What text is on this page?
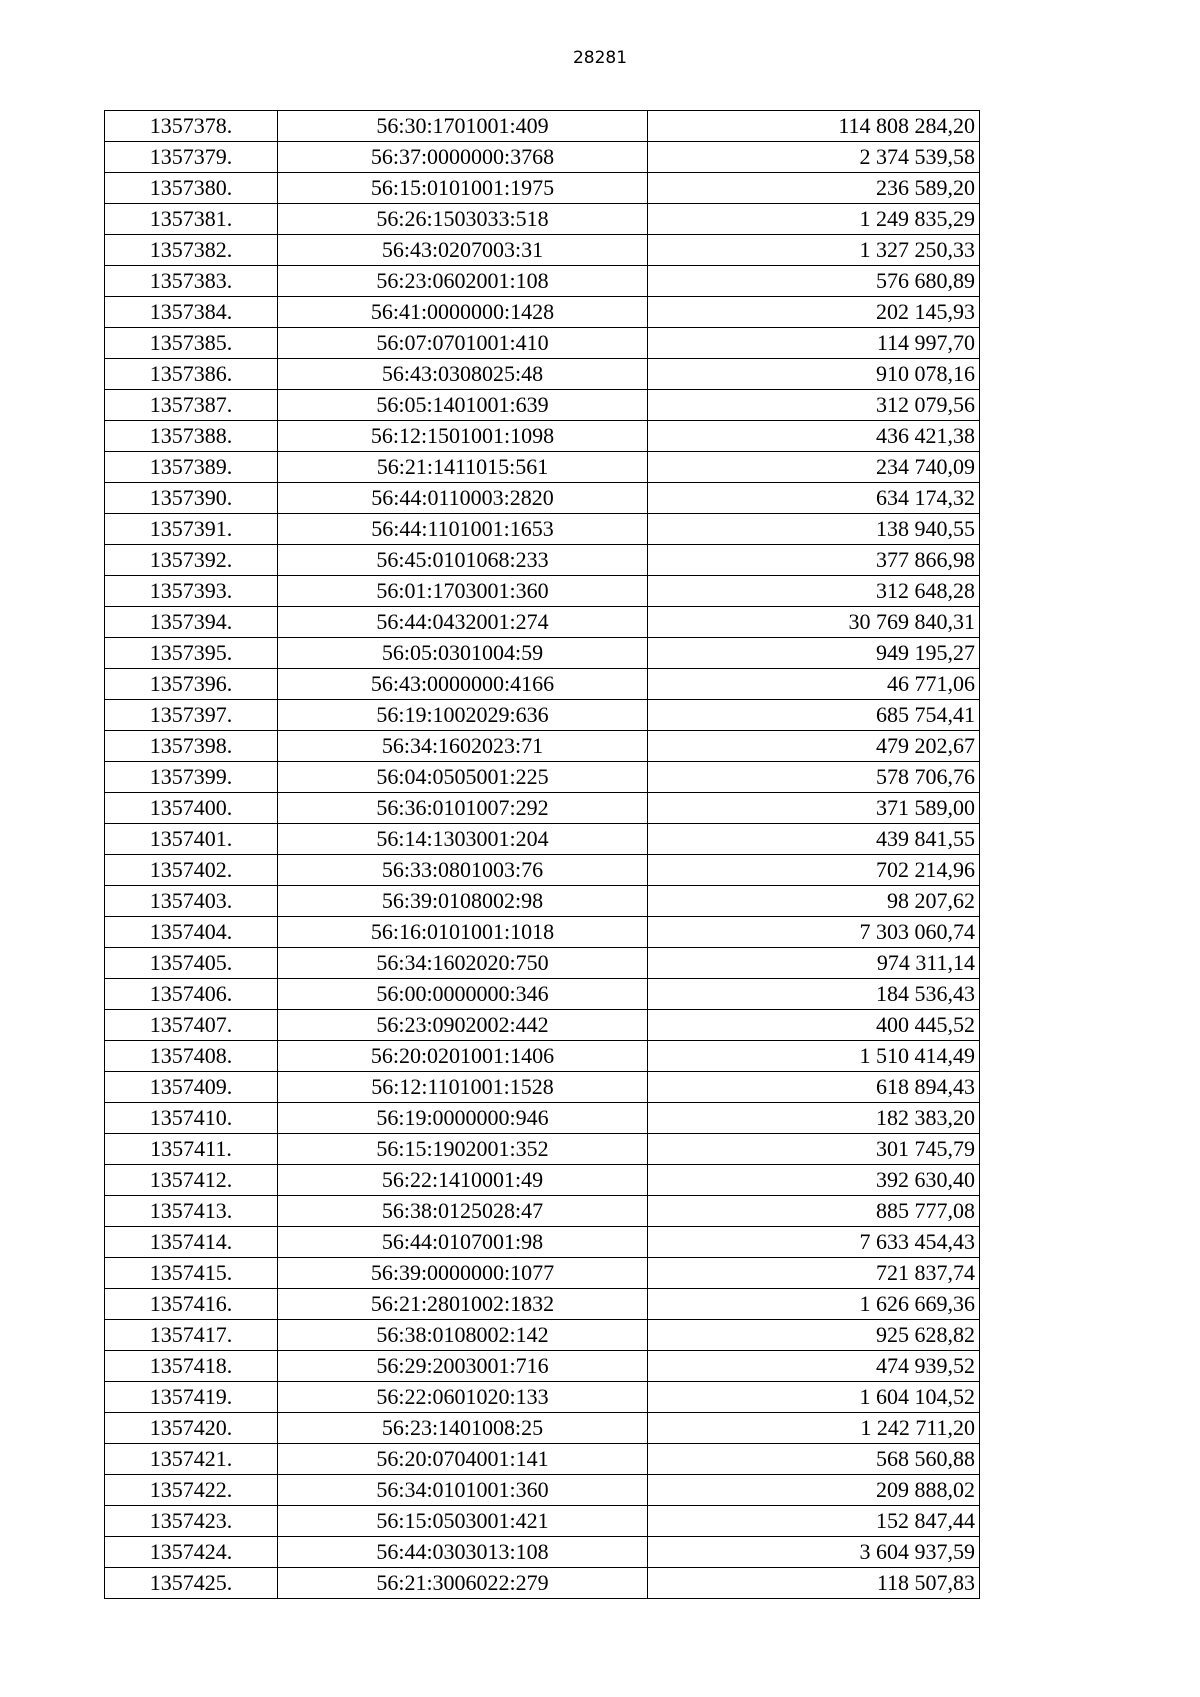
28281
1357378.	56:30:1701001:409	114 808 284,20
1357379.	56:37:0000000:3768	2 374 539,58
1357380.	56:15:0101001:1975	236 589,20
1357381.	56:26:1503033:518	1 249 835,29
1357382.	56:43:0207003:31	1 327 250,33
1357383.	56:23:0602001:108	576 680,89
1357384.	56:41:0000000:1428	202 145,93
1357385.	56:07:0701001:410	114 997,70
1357386.	56:43:0308025:48	910 078,16
1357387.	56:05:1401001:639	312 079,56
1357388.	56:12:1501001:1098	436 421,38
1357389.	56:21:1411015:561	234 740,09
1357390.	56:44:0110003:2820	634 174,32
1357391.	56:44:1101001:1653	138 940,55
1357392.	56:45:0101068:233	377 866,98
1357393.	56:01:1703001:360	312 648,28
1357394.	56:44:0432001:274	30 769 840,31
1357395.	56:05:0301004:59	949 195,27
1357396.	56:43:0000000:4166	46 771,06
1357397.	56:19:1002029:636	685 754,41
1357398.	56:34:1602023:71	479 202,67
1357399.	56:04:0505001:225	578 706,76
1357400.	56:36:0101007:292	371 589,00
1357401.	56:14:1303001:204	439 841,55
1357402.	56:33:0801003:76	702 214,96
1357403.	56:39:0108002:98	98 207,62
1357404.	56:16:0101001:1018	7 303 060,74
1357405.	56:34:1602020:750	974 311,14
1357406.	56:00:0000000:346	184 536,43
1357407.	56:23:0902002:442	400 445,52
1357408.	56:20:0201001:1406	1 510 414,49
1357409.	56:12:1101001:1528	618 894,43
1357410.	56:19:0000000:946	182 383,20
1357411.	56:15:1902001:352	301 745,79
1357412.	56:22:1410001:49	392 630,40
1357413.	56:38:0125028:47	885 777,08
1357414.	56:44:0107001:98	7 633 454,43
1357415.	56:39:0000000:1077	721 837,74
1357416.	56:21:2801002:1832	1 626 669,36
1357417.	56:38:0108002:142	925 628,82
1357418.	56:29:2003001:716	474 939,52
1357419.	56:22:0601020:133	1 604 104,52
1357420.	56:23:1401008:25	1 242 711,20
1357421.	56:20:0704001:141	568 560,88
1357422.	56:34:0101001:360	209 888,02
1357423.	56:15:0503001:421	152 847,44
1357424.	56:44:0303013:108	3 604 937,59
1357425.	56:21:3006022:279	118 507,83
